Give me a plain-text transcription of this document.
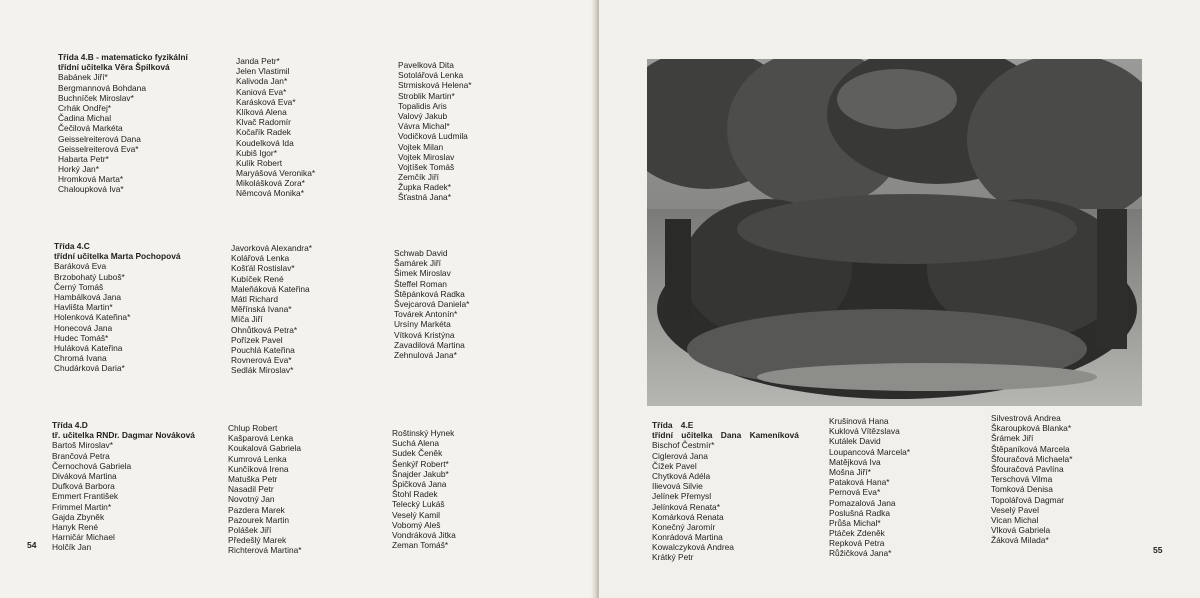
Třída 4.B - matematicko fyzikální
třídní učitelka Věra Špilková
Babánek Jiří*
Bergmannová Bohdana
Buchníček Miroslav*
Crhák Ondřej*
Čadina Michal
Čečilová Markéta
Geisselreiterová Dana
Geisselreiterová Eva*
Habarta Petr*
Horký Jan*
Hromková Marta*
Chaloupková Iva*
Janda Petr*
Jelen Vlastimil
Kalivoda Jan*
Kaniová Eva*
Karásková Eva*
Klíková Alena
Klvač Radomír
Kočařík Radek
Koudelková Ida
Kubiš Igor*
Kulík Robert
Maryášová Veronika*
Mikolášková Zora*
Němcová Monika*
Pavelková Dita
Sotolářová Lenka
Strmisková Helena*
Stroblik Martin*
Topalidis Aris
Valový Jakub
Vávra Michal*
Vodičková Ludmila
Vojtek Milan
Vojtek Miroslav
Vojtíšek Tomáš
Zemčík Jiří
Župka Radek*
Šťastná Jana*
Třída 4.C
třídní učitelka Marta Pochopová
Baráková Eva
Brzobohatý Luboš*
Černý Tomáš
Hambálková Jana
Havlišta Martin*
Holenková Kateřina*
Honecová Jana
Hudec Tomáš*
Huláková Kateřina
Chromá Ivana
Chudárková Daria*
Javorková Alexandra*
Kolářová Lenka
Košťál Rostislav*
Kubíček René
Maleňáková Kateřina
Mátl Richard
Měřínská Ivana*
Míča Jiří
Ohnůtková Petra*
Pořízek Pavel
Pouchlá Kateřina
Rovnerová Eva*
Sedlák Miroslav*
Schwab David
Šamárek Jiří
Šimek Miroslav
Šteffel Roman
Štěpánková Radka
Švejcarová Daniela*
Továrek Antonín*
Ursíny Markéta
Vítková Kristýna
Zavadilová Martina
Zehnulová Jana*
Třída 4.D
tř. učitelka RNDr. Dagmar Nováková
Bartoš Miroslav*
Brančová Petra
Černochová Gabriela
Diváková Martina
Dufková Barbora
Emmert František
Frimmel Martin*
Gajda Zbyněk
Hanyk René
Harničár Michael
Holčík Jan
Chlup Robert
Kašparová Lenka
Koukalová Gabriela
Kumrová Lenka
Kunčíková Irena
Matuška Petr
Nasadil Petr
Novotný Jan
Pazdera Marek
Pazourek Martin
Polášek Jiří
Předešlý Marek
Richterová Martina*
Roštinský Hynek
Suchá Alena
Sudek Čeněk
Šenkýř Robert*
Šnajder Jakub*
Špičková Jana
Štohl Radek
Telecký Lukáš
Veselý Kamil
Vobomý Aleš
Vondráková Jitka
Zeman Tomáš*
54	55
Třída 4.E
třídní učitelka Dana Kameníková
Bischof Čestmír*
Ciglerová Jana
Čížek Pavel
Chytková Adéla
Ilievová Silvie
Jelínek Přemysl
Jelínková Renata*
Komárková Renata
Konečný Jaromír
Konrádová Martina
Kowalczyková Andrea
Krátký Petr
Krušinová Hana
Kuklová Vítězslava
Kutálek David
Loupancová Marcela*
Matějková Iva
Mošna Jiří*
Pataková Hana*
Pernová Eva*
Pomazalová Jana
Poslušná Radka
Průša Michal*
Ptáček Zdeněk
Repková Petra
Růžičková Jana*
Silvestrová Andrea
Škaroupková Blanka*
Šrámek Jiří
Štěpaníková Marcela
Šfouračová Michaela*
Šfouračová Pavlína
Terschová Vilma
Tomková Denisa
Topolářová Dagmar
Veselý Pavel
Vican Michal
Vlková Gabriela
Žáková Milada*
